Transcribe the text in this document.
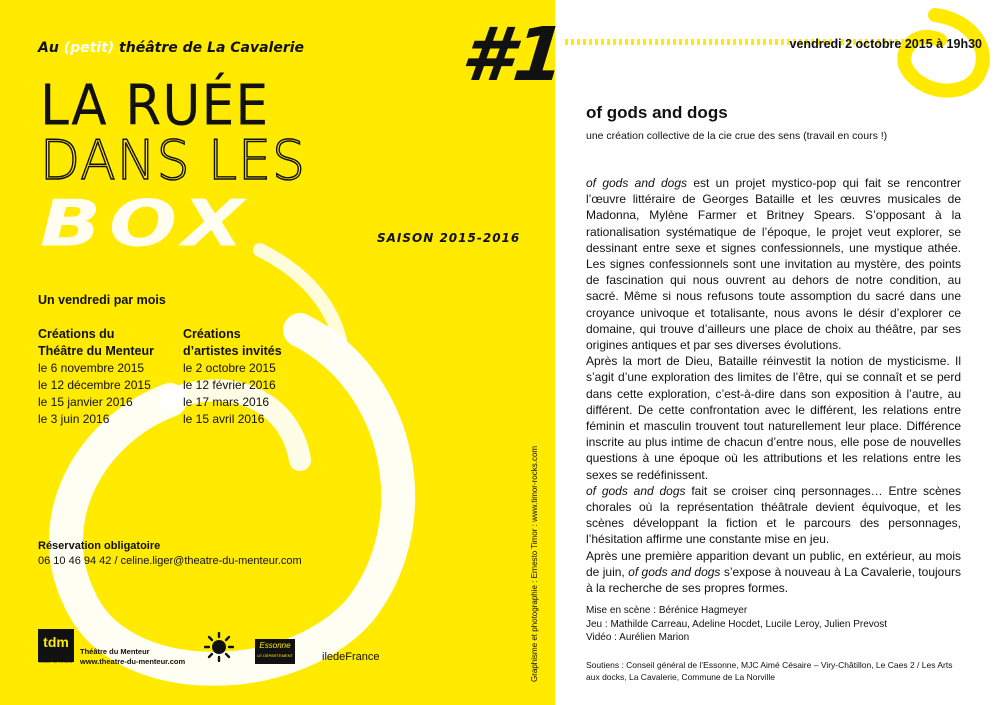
Au (petit) théâtre de La Cavalerie
LA RUÉE
DANS LES
BOX	SAISON 2015-2016
Un vendredi par mois
Créations du
Théâtre du Menteur
le 6 novembre 2015
le 12 décembre 2015
le 15 janvier 2016
le 3 juin 2016
Créations
d’artistes invités
le 2 octobre 2015
le 12 février 2016
le 17 mars 2016
le 15 avril 2016
Réservation obligatoire
06 10 46 94 42 / celine.liger@theatre-du-menteur.com
tdm
théâtre du menteur
Théâtre du Menteur
www.theatre-du-menteur.com
Essonne
LE DÉPARTEMENT	iledeFrance	Graphisme et photographie : Ernesto Timor : www.timor-rocks.com
#1	vendredi 2 octobre 2015 à 19h30
of gods and dogs
une création collective de la cie crue des sens (travail en cours !)

of gods and dogs est un projet mystico-pop qui fait se rencontrer l’œuvre littéraire de Georges Bataille et les œuvres musicales de Madonna, Mylène Farmer et Britney Spears. S’opposant à la rationalisation systématique de l’époque, le projet veut explorer, se dessinant entre sexe et signes confessionnels, une mystique athée. Les signes confessionnels sont une invitation au mystère, des points de fascination qui nous ouvrent au dehors de notre condition, au sacré. Même si nous refusons toute assomption du sacré dans une croyance univoque et totalisante, nous avons le désir d’explorer ce domaine, qui trouve d’ailleurs une place de choix au théâtre, par ses origines antiques et par ses diverses évolutions.

Après la mort de Dieu, Bataille réinvestit la notion de mysticisme. Il s’agit d’une exploration des limites de l’être, qui se connaît et se perd dans cette exploration, c’est-à-dire dans son exposition à l’autre, au différent. De cette confrontation avec le différent, les relations entre féminin et masculin trouvent tout naturellement leur place. Différence inscrite au plus intime de chacun d’entre nous, elle pose de nouvelles questions à une époque où les attributions et les relations entre les sexes se redéfinissent.

of gods and dogs fait se croiser cinq personnages… Entre scènes chorales où la représentation théâtrale devient équivoque, et les scènes développant la fiction et le parcours des personnages, l’hésitation affirme une constante mise en jeu.

Après une première apparition devant un public, en extérieur, au mois de juin, of gods and dogs s’expose à nouveau à La Cavalerie, toujours à la recherche de ses propres formes.

Mise en scène : Bérénice Hagmeyer
Jeu : Mathilde Carreau, Adeline Hocdet, Lucile Leroy, Julien Prevost
Vidéo : Aurélien Marion
Soutiens : Conseil général de l’Essonne, MJC Aimé Césaire – Viry-Châtillon, Le Caes 2 / Les Arts aux docks, La Cavalerie, Commune de La Norville
